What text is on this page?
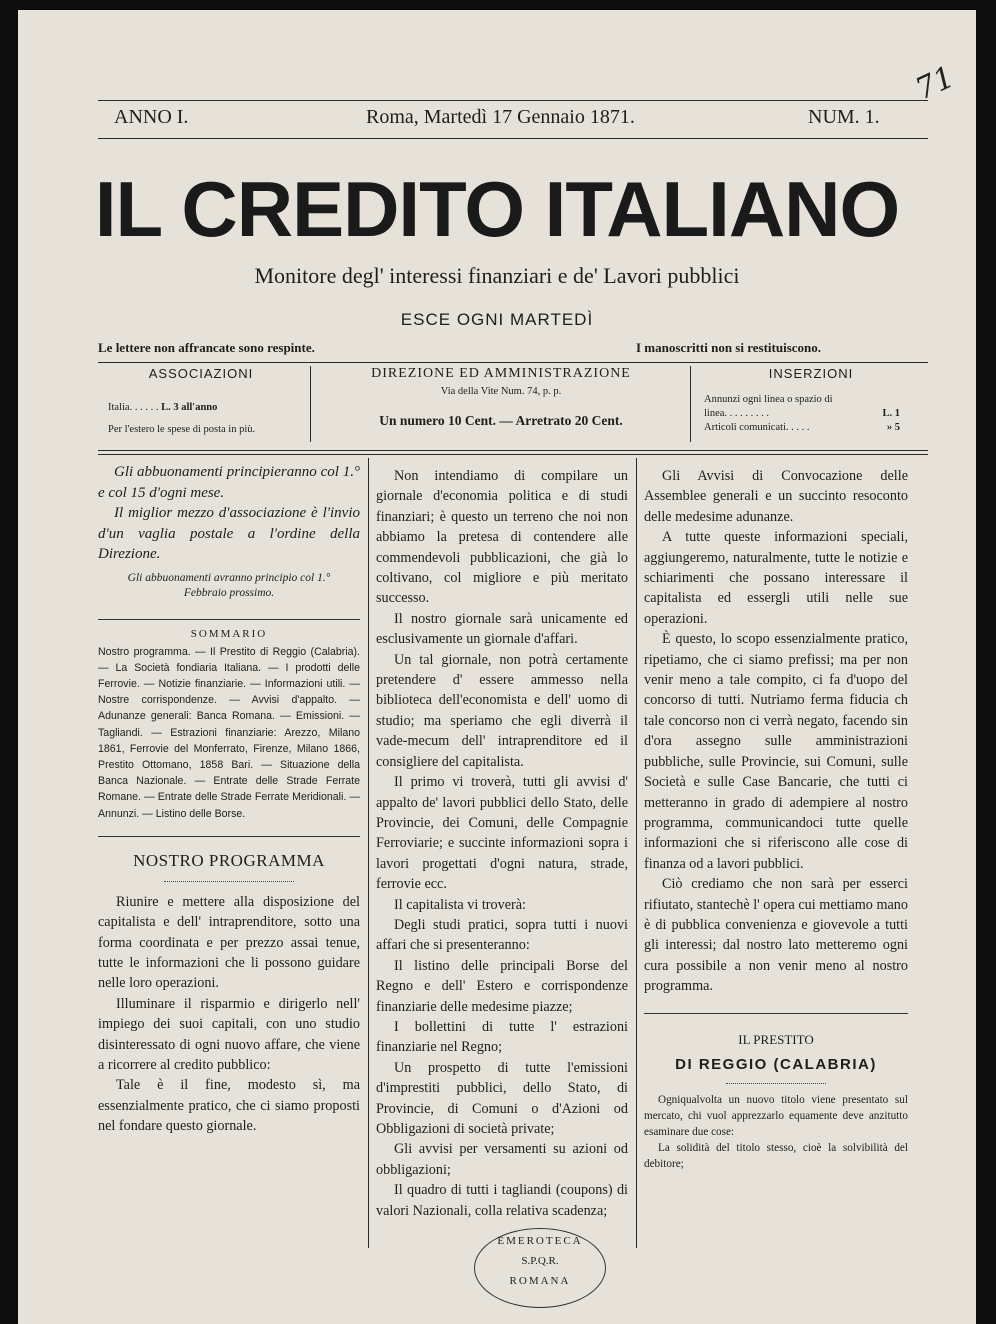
71
ANNO I.	Roma, Martedì 17 Gennaio 1871.	NUM. 1.
IL CREDITO ITALIANO
Monitore degl' interessi finanziari e de' Lavori pubblici
ESCE OGNI MARTEDÌ
Le lettere non affrancate sono respinte.	I manoscritti non si restituiscono.
ASSOCIAZIONI
Italia. . . . . . L. 3 all'anno
Per l'estero le spese di posta in più.
DIREZIONE ED AMMINISTRAZIONE
Via della Vite Num. 74, p. p.
Un numero 10 Cent. — Arretrato 20 Cent.
INSERZIONI
Annunzi ogni linea o spazio di
linea. . . . . . . . .	L. 1
Articoli comunicati. . . . .	» 5
Gli abbuonamenti principieranno col 1.° e col 15 d'ogni mese.
Il miglior mezzo d'associazione è l'invio d'un vaglia postale a l'ordine della Direzione.
Gli abbuonamenti avranno principio col 1.° Febbraio prossimo.
SOMMARIO
Nostro programma. — Il Prestito di Reggio (Calabria). — La Società fondiaria Italiana. — I prodotti delle Ferrovie. — Notizie finanziarie. — Informazioni utili. — Nostre corrispondenze. — Avvisi d'appalto. — Adunanze generali: Banca Romana. — Emissioni. — Tagliandi. — Estrazioni finanziarie: Arezzo, Milano 1861, Ferrovie del Monferrato, Firenze, Milano 1866, Prestito Ottomano, 1858 Bari. — Situazione della Banca Nazionale. — Entrate delle Strade Ferrate Romane. — Entrate delle Strade Ferrate Meridionali. — Annunzi. — Listino delle Borse.
NOSTRO PROGRAMMA

Riunire e mettere alla disposizione del capitalista e dell' intraprenditore, sotto una forma coordinata e per prezzo assai tenue, tutte le informazioni che li possono guidare nelle loro operazioni.

Illuminare il risparmio e dirigerlo nell' impiego dei suoi capitali, con uno studio disinteressato di ogni nuovo affare, che viene a ricorrere al credito pubblico:

Tale è il fine, modesto sì, ma essenzialmente pratico, che ci siamo proposti nel fondare questo giornale.

Non intendiamo di compilare un giornale d'economia politica e di studi finanziari; è questo un terreno che noi non abbiamo la pretesa di contendere alle commendevoli pubblicazioni, che già lo coltivano, col migliore e più meritato successo.

Il nostro giornale sarà unicamente ed esclusivamente un giornale d'affari.

Un tal giornale, non potrà certamente pretendere d' essere ammesso nella biblioteca dell'economista e dell' uomo di studio; ma speriamo che egli diverrà il vade-mecum dell' intraprenditore ed il consigliere del capitalista.

Il primo vi troverà, tutti gli avvisi d' appalto de' lavori pubblici dello Stato, delle Provincie, dei Comuni, delle Compagnie Ferroviarie; e succinte informazioni sopra i lavori progettati d'ogni natura, strade, ferrovie ecc.

Il capitalista vi troverà:

Degli studi pratici, sopra tutti i nuovi affari che si presenteranno:

Il listino delle principali Borse del Regno e dell' Estero e corrispondenze finanziarie delle medesime piazze;

I bollettini di tutte l' estrazioni finanziarie nel Regno;

Un prospetto di tutte l'emissioni d'imprestiti pubblici, dello Stato, di Provincie, di Comuni o d'Azioni od Obbligazioni di società private;

Gli avvisi per versamenti su azioni od obbligazioni;

Il quadro di tutti i tagliandi (coupons) di valori Nazionali, colla relativa scadenza;

Gli Avvisi di Convocazione delle Assemblee generali e un succinto resoconto delle medesime adunanze.

A tutte queste informazioni speciali, aggiungeremo, naturalmente, tutte le notizie e schiarimenti che possano interessare il capitalista ed essergli utili nelle sue operazioni.

È questo, lo scopo essenzialmente pratico, ripetiamo, che ci siamo prefissi; ma per non venir meno a tale compito, ci fa d'uopo del concorso di tutti. Nutriamo ferma fiducia ch tale concorso non ci verrà negato, facendo sin d'ora assegno sulle amministrazioni pubbliche, sulle Provincie, sui Comuni, sulle Società e sulle Case Bancarie, che tutti ci metteranno in grado di adempiere al nostro programma, communicandoci tutte quelle informazioni che si riferiscono alle cose di finanza od a lavori pubblici.

Ciò crediamo che non sarà per esserci rifiutato, stantechè l' opera cui mettiamo mano è di pubblica convenienza e giovevole a tutti gli interessi; dal nostro lato metteremo ogni cura possibile a non venir meno al nostro programma.

IL PRESTITO
DI REGGIO (CALABRIA)
Ogniqualvolta un nuovo titolo viene presentato sul mercato, chi vuol apprezzarlo equamente deve anzitutto esaminare due cose:
La solidità del titolo stesso, cioè la solvibilità del debitore;
EMEROTECA
S.P.Q.R.
ROMANA
